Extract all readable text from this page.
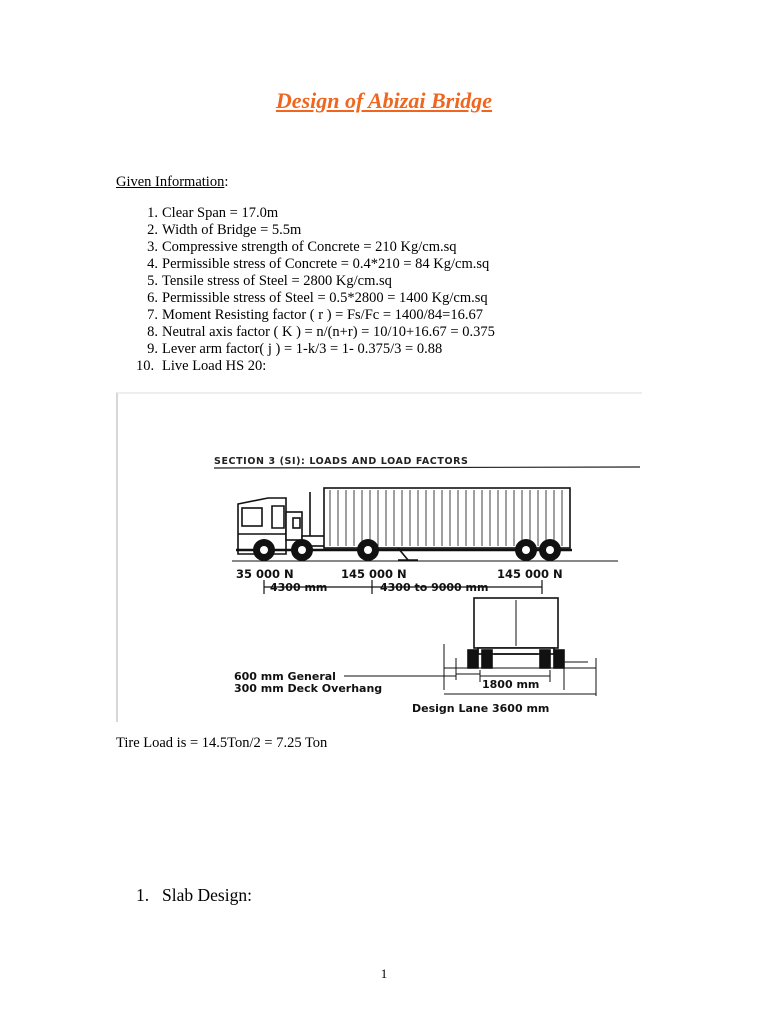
Design of Abizai Bridge
Given Information:
1. Clear Span = 17.0m
2. Width of Bridge = 5.5m
3. Compressive strength of Concrete = 210 Kg/cm.sq
4. Permissible stress of Concrete = 0.4*210 = 84 Kg/cm.sq
5. Tensile stress of Steel = 2800 Kg/cm.sq
6. Permissible stress of Steel = 0.5*2800 = 1400 Kg/cm.sq
7. Moment Resisting factor ( r ) = Fs/Fc = 1400/84=16.67
8. Neutral axis factor ( K ) = n/(n+r) = 10/10+16.67 = 0.375
9. Lever arm factor( j ) = 1-k/3 = 1- 0.375/3 = 0.88
10. Live Load HS 20:
SECTION 3 (SI): LOADS AND LOAD FACTORS
35 000 N	145 000 N	145 000 N
4300 mm	4300 to 9000 mm
600 mm General
300 mm Deck Overhang	1800 mm
Design Lane 3600 mm
Tire Load is = 14.5Ton/2 = 7.25 Ton
1. Slab Design:
1
